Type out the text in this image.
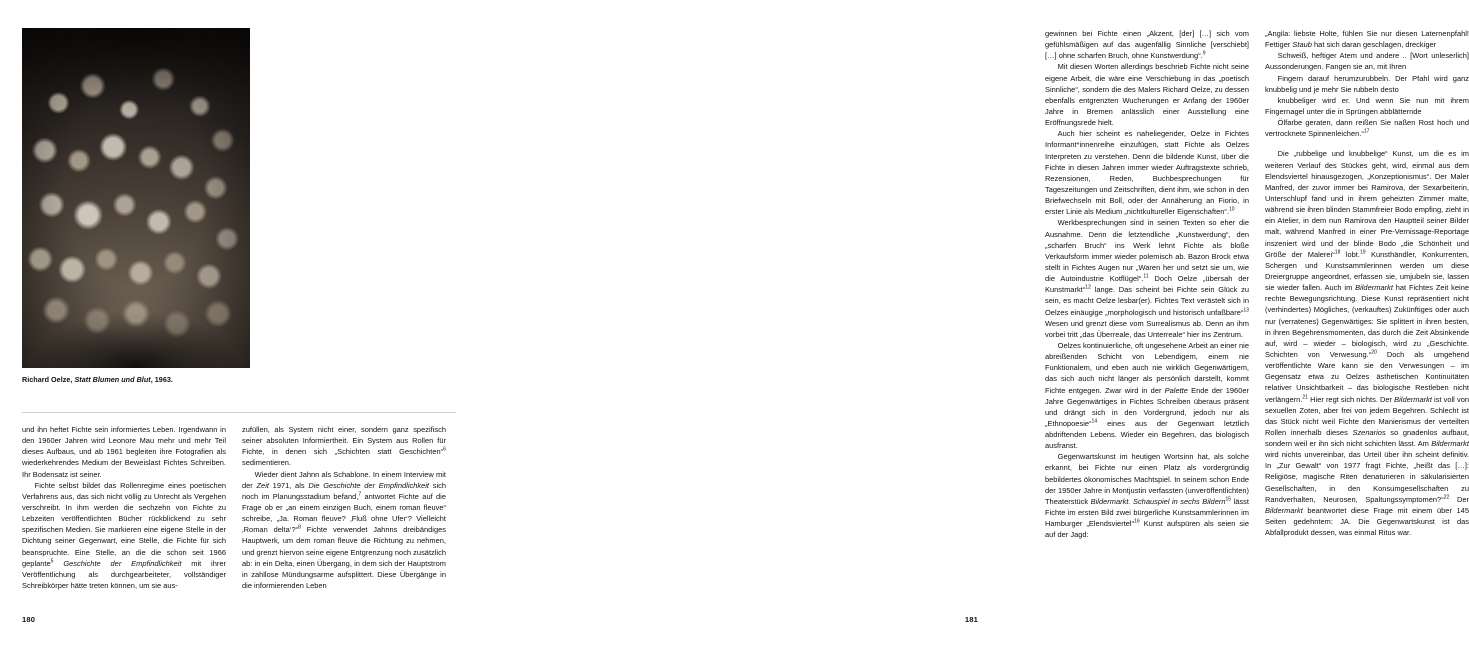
Richard Oelze, Statt Blumen und Blut, 1963.

und ihn heftet Fichte sein informiertes Leben. Irgendwann in den 1960er Jahren wird Leonore Mau mehr und mehr Teil dieses Aufbaus, und ab 1961 begleiten ihre Fotografien als wiederkehrendes Medium der Beweislast Fichtes Schreiben. Ihr Bodensatz ist seiner.

Fichte selbst bildet das Rollenregime eines poetischen Verfahrens aus, das sich nicht völlig zu Unrecht als Vergehen verschreibt. In ihm werden die sechzehn von Fichte zu Lebzeiten veröffentlichten Bücher rückblickend zu sehr spezifischen Medien. Sie markieren eine eigene Stelle in der Dichtung seiner Gegenwart, eine Stelle, die Fichte für sich beanspruchte. Eine Stelle, an die die schon seit 1966 geplante$^5$ Geschichte der Empfindlichkeit mit ihrer Veröffentlichung als durchgearbeiteter, vollständiger Schreibkörper hätte treten können, um sie aus-

zufüllen, als System nicht einer, sondern ganz spezifisch seiner absoluten Informiertheit. Ein System aus Rollen für Fichte, in denen sich „Schichten statt Geschichten“$^6$ sedimentieren.

Wieder dient Jahnn als Schablone. In einem Interview mit der Zeit 1971, als Die Geschichte der Empfindlichkeit sich noch im Planungsstadium befand,$^7$ antwortet Fichte auf die Frage ob er „an einem einzigen Buch, einem roman fleuve“ schreibe, „Ja. Roman fleuve? ‚Fluß ohne Ufer‘? Vielleicht ‚Roman delta‘?“$^8$ Fichte verwendet Jahnns dreibändiges Hauptwerk, um dem roman fleuve die Richtung zu nehmen, und grenzt hiervon seine eigene Entgrenzung noch zusätzlich ab: in ein Delta, einen Übergang, in dem sich der Hauptstrom in zahllose Mündungsarme aufsplittert. Diese Übergänge in die informierenden Leben

180

gewinnen bei Fichte einen „Akzent, [der] […] sich vom gefühlsmäßigen auf das augenfällig Sinnliche [verschiebt] […] ohne scharfen Bruch, ohne Kunstwerdung“.$^9$

Mit diesen Worten allerdings beschrieb Fichte nicht seine eigene Arbeit, die wäre eine Verschiebung in das „poetisch Sinnliche“, sondern die des Malers Richard Oelze, zu dessen ebenfalls entgrenzten Wucherungen er Anfang der 1960er Jahre in Bremen anlässlich einer Ausstellung eine Eröffnungsrede hielt.

Auch hier scheint es naheliegender, Oelze in Fichtes Informant*innenreihe einzufügen, statt Fichte als Oelzes Interpreten zu verstehen. Denn die bildende Kunst, über die Fichte in diesen Jahren immer wieder Auftragstexte schrieb, Rezensionen, Reden, Buchbesprechungen für Tageszeitungen und Zeitschriften, dient ihm, wie schon in den Briefwechseln mit Boll, oder der Annäherung an Fiorio, in erster Linie als Medium „nichtkultureller Eigenschaften“.$^{10}$

Werkbesprechungen sind in seinen Texten so eher die Ausnahme. Denn die letztendliche „Kunstwerdung“, den „scharfen Bruch“ ins Werk lehnt Fichte als bloße Verkaufsform immer wieder polemisch ab. Bazon Brock etwa stellt in Fichtes Augen nur „Waren her und setzt sie um, wie die Autoindustrie Kotflügel“.$^{11}$ Doch Oelze „übersah der Kunstmarkt“$^{12}$ lange. Das scheint bei Fichte sein Glück zu sein, es macht Oelze lesbar(er). Fichtes Text verästelt sich in Oelzes einäugige „morphologisch und historisch unfaßbare“$^{13}$ Wesen und grenzt diese vom Surrealismus ab. Denn an ihm vorbei tritt „das Überreale, das Unterreale“ hier ins Zentrum.

Oelzes kontinuierliche, oft ungesehene Arbeit an einer nie abreißenden Schicht von Lebendigem, einem nie Funktionalem, und eben auch nie wirklich Gegenwärtigem, das sich auch nicht länger als persönlich darstellt, kommt Fichte entgegen. Zwar wird in der Palette Ende der 1960er Jahre Gegenwärtiges in Fichtes Schreiben überaus präsent und drängt sich in den Vordergrund, jedoch nur als „Ethnopoesie“$^{14}$ eines aus der Gegenwart letztlich abdriftenden Lebens. Wieder ein Begehren, das biologisch ausfranst.

Gegenwartskunst im heutigen Wortsinn hat, als solche erkannt, bei Fichte nur einen Platz als vordergründig bebildertes ökonomisches Machtspiel. In seinem schon Ende der 1950er Jahre in Montjustin verfassten (unveröffentlichten) Theaterstück Bildermarkt. Schauspiel in sechs Bildern$^{15}$ lässt Fichte im ersten Bild zwei bürgerliche Kunstsammlerinnen im Hamburger „Elendsviertel“$^{16}$ Kunst aufspüren als seien sie auf der Jagd:

„Angila: liebste Holte, fühlen Sie nur diesen Laternenpfahl! Fettiger Staub hat sich daran geschlagen, dreckiger

Schweiß, heftiger Atem und andere .. [Wort unleserlich] Aussonderungen. Fangen sie an, mit Ihren

Fingern darauf herumzurubbeln. Der Pfahl wird ganz knubbelig und je mehr Sie rubbeln desto

knubbeliger wird er. Und wenn Sie nun mit ihrem Fingernagel unter die in Sprüngen abblätternde

Ölfarbe geraten, dann reißen Sie naßen Rost hoch und vertrocknete Spinnenleichen.“$^{17}$

Die „rubbelige und knubbelige“ Kunst, um die es im weiteren Verlauf des Stückes geht, wird, einmal aus dem Elendsviertel hinausgezogen, „Konzeptionismus“. Der Maler Manfred, der zuvor immer bei Ramirova, der Sexarbeiterin, Unterschlupf fand und in ihrem geheizten Zimmer malte, während sie ihren blinden Stammfreier Bodo empfing, zieht in ein Atelier, in dem nun Ramirova den Hauptteil seiner Bilder malt, während Manfred in einer Pre-Vernissage-Reportage inszeniert wird und der blinde Bodo „die Schönheit und Größe der Malerei“$^{18}$ lobt.$^{19}$ Kunsthändler, Konkurrenten, Schergen und Kunstsammlerinnen werden um diese Dreiergruppe angeordnet, erfassen sie, umjubeln sie, lassen sie wieder fallen. Auch im Bildermarkt hat Fichtes Zeit keine rechte Bewegungsrichtung. Diese Kunst repräsentiert nicht (verhindertes) Mögliches, (verkauftes) Zukünftiges oder auch nur (verratenes) Gegenwärtiges: Sie splittert in ihren besten, in ihren Begehrensmomenten, das durch die Zeit Absinkende auf, wird – wieder – biologisch, wird zu „Geschichte. Schichten von Verwesung.“$^{20}$ Doch als umgehend veröffentlichte Ware kann sie den Verwesungen – im Gegensatz etwa zu Oelzes ästhetischen Kontinuitäten relativer Unsichtbarkeit – das biologische Restleben nicht verlängern.$^{21}$ Hier regt sich nichts. Der Bildermarkt ist voll von sexuellen Zoten, aber frei von jedem Begehren. Schlecht ist das Stück nicht weil Fichte den Manierismus der verteilten Rollen innerhalb dieses Szenarios so gnadenlos aufbaut, sondern weil er ihn sich nicht schichten lässt. Am Bildermarkt wird nichts unvereinbar, das Urteil über ihn scheint definitiv. In „Zur Gewalt“ von 1977 fragt Fichte, „heißt das […]: Religiöse, magische Riten denaturieren in säkularisierten Gesellschaften, in den Konsumgesellschaften zu Randverhalten, Neurosen, Spaltungssymptomen?“$^{22}$ Der Bildermarkt beantwortet diese Frage mit einem über 145 Seiten gedehntem: JA. Die Gegenwartskunst ist das Abfallprodukt dessen, was einmal Ritus war.

181
